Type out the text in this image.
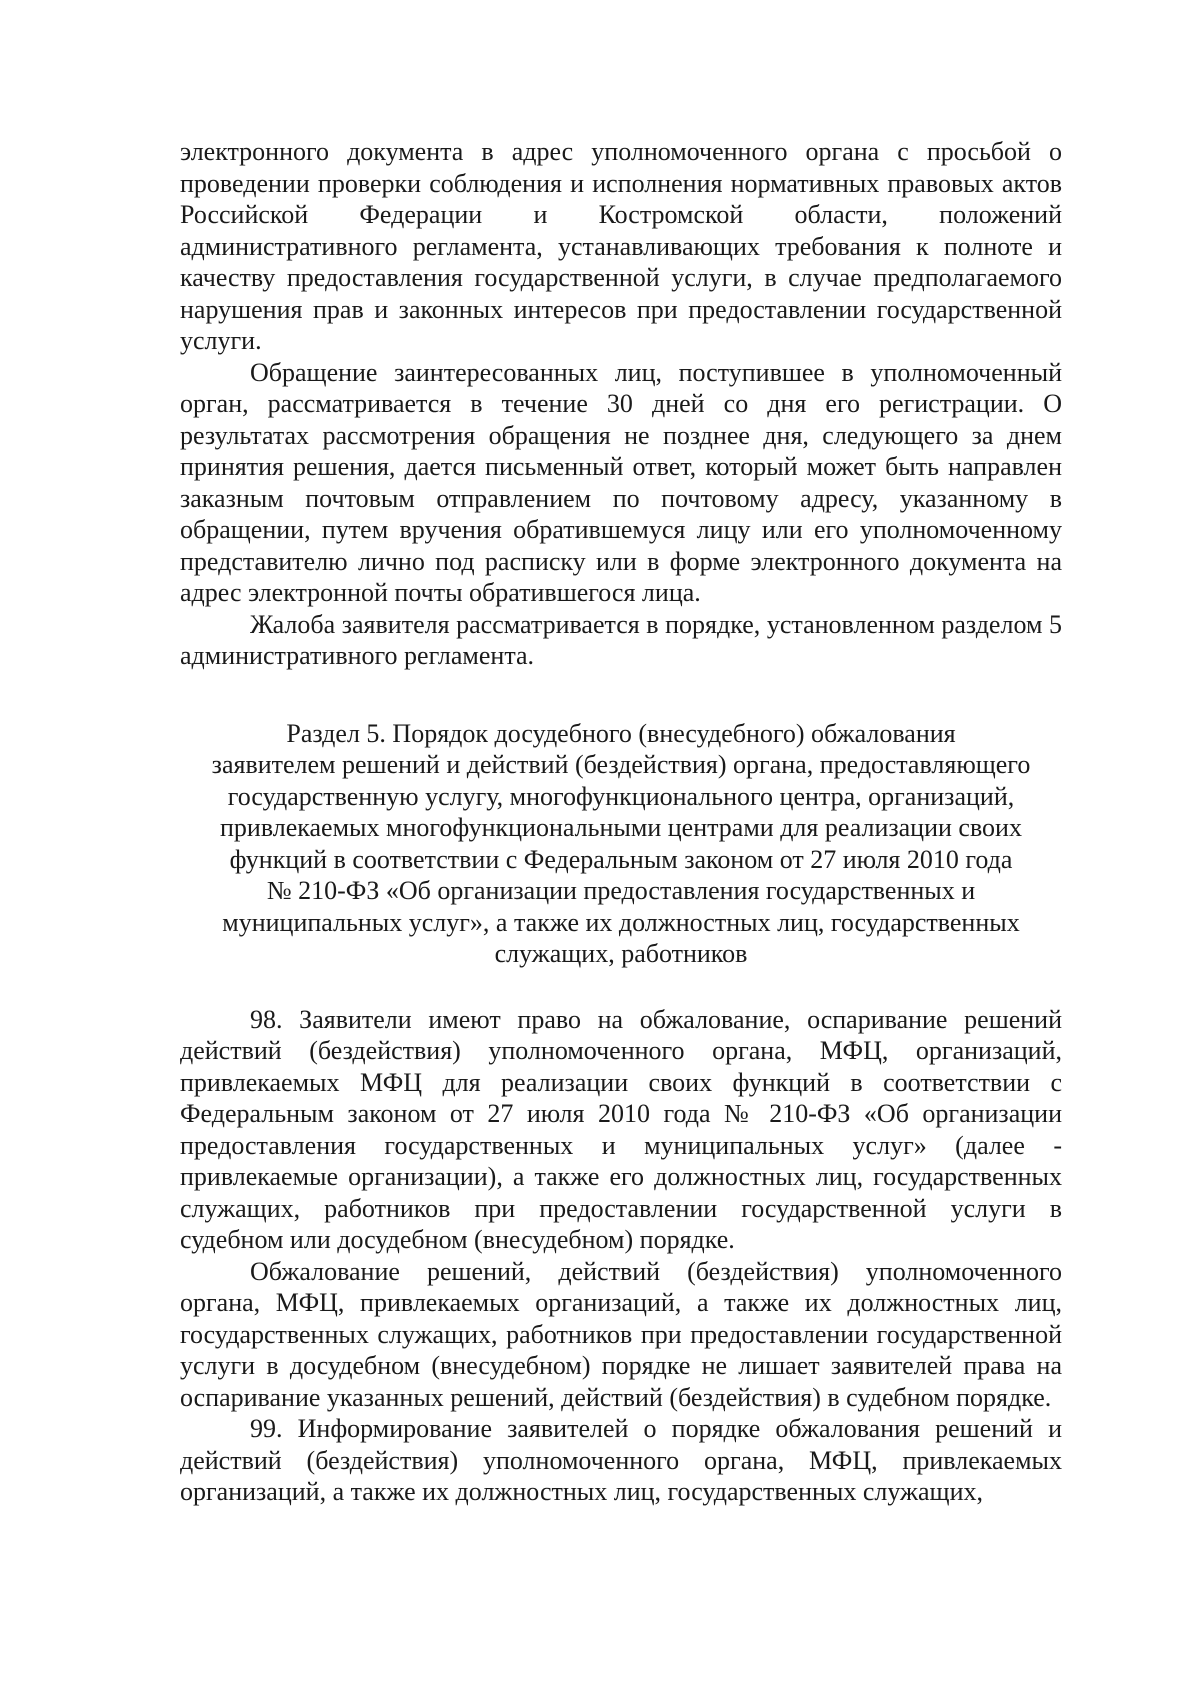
электронного документа в адрес уполномоченного органа с просьбой о проведении проверки соблюдения и исполнения нормативных правовых актов Российской Федерации и Костромской области, положений административного регламента, устанавливающих требования к полноте и качеству предоставления государственной услуги, в случае предполагаемого нарушения прав и законных интересов при предоставлении государственной услуги.

Обращение заинтересованных лиц, поступившее в уполномоченный орган, рассматривается в течение 30 дней со дня его регистрации. О результатах рассмотрения обращения не позднее дня, следующего за днем принятия решения, дается письменный ответ, который может быть направлен заказным почтовым отправлением по почтовому адресу, указанному в обращении, путем вручения обратившемуся лицу или его уполномоченному представителю лично под расписку или в форме электронного документа на адрес электронной почты обратившегося лица.

Жалоба заявителя рассматривается в порядке, установленном разделом 5 административного регламента.

Раздел 5. Порядок досудебного (внесудебного) обжалования
заявителем решений и действий (бездействия) органа, предоставляющего
государственную услугу, многофункционального центра, организаций,
привлекаемых многофункциональными центрами для реализации своих
функций в соответствии с Федеральным законом от 27 июля 2010 года
№ 210-ФЗ «Об организации предоставления государственных и
муниципальных услуг», а также их должностных лиц, государственных
служащих, работников

98. Заявители имеют право на обжалование, оспаривание решений действий (бездействия) уполномоченного органа, МФЦ, организаций, привлекаемых МФЦ для реализации своих функций в соответствии с Федеральным законом от 27 июля 2010 года № 210-ФЗ «Об организации предоставления государственных и муниципальных услуг» (далее - привлекаемые организации), а также его должностных лиц, государственных служащих, работников при предоставлении государственной услуги в судебном или досудебном (внесудебном) порядке.

Обжалование решений, действий (бездействия) уполномоченного органа, МФЦ, привлекаемых организаций, а также их должностных лиц, государственных служащих, работников при предоставлении государственной услуги в досудебном (внесудебном) порядке не лишает заявителей права на оспаривание указанных решений, действий (бездействия) в судебном порядке.

99. Информирование заявителей о порядке обжалования решений и действий (бездействия) уполномоченного органа, МФЦ, привлекаемых организаций, а также их должностных лиц, государственных служащих,
